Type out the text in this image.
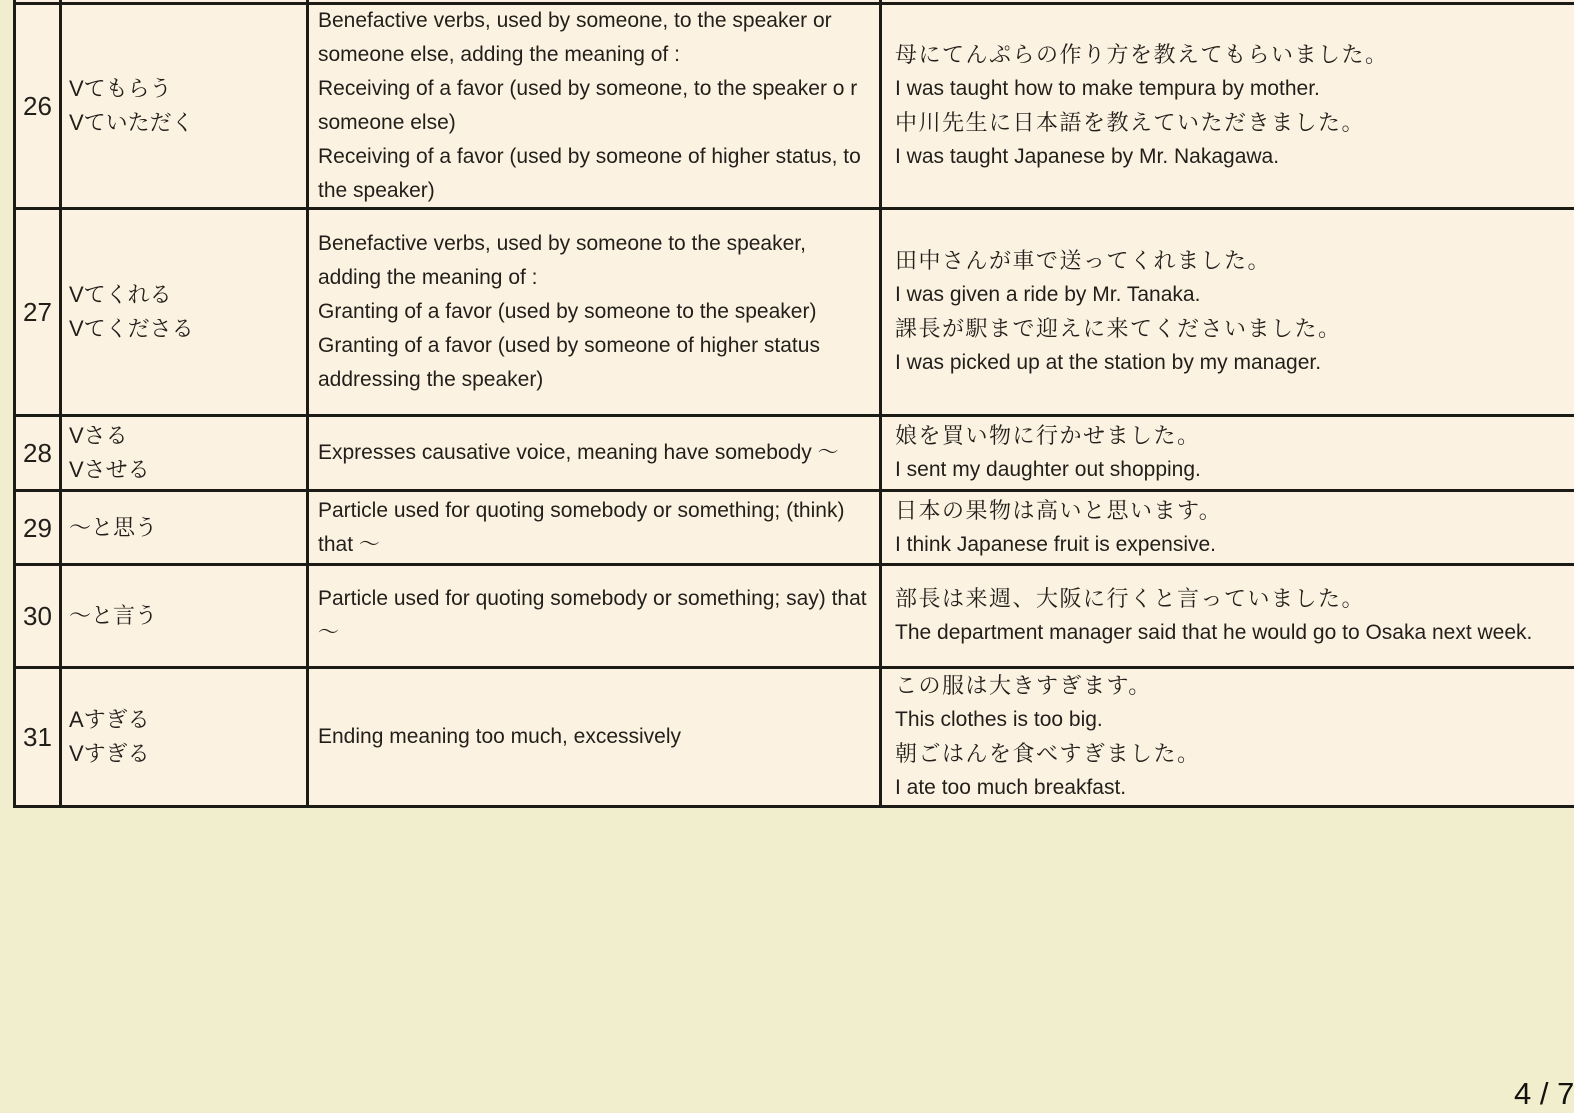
26
Vてもらう
Vていただく
Benefactive verbs, used by someone, to the speaker or someone else, adding the meaning of :
Receiving of a favor (used by someone, to the speaker o r someone else)
Receiving of a favor (used by someone of higher status, to the speaker)
母にてんぷらの作り方を教えてもらいました。
I was taught how to make tempura by mother.
中川先生に日本語を教えていただきました。
I was taught Japanese by Mr. Nakagawa.
27
Vてくれる
Vてくださる
Benefactive verbs, used by someone to the speaker, adding the meaning of :
Granting of a favor (used by someone to the speaker)
Granting of a favor (used by someone of higher status addressing the speaker)
田中さんが車で送ってくれました。
I was given a ride by Mr. Tanaka.
課長が駅まで迎えに来てくださいました。
I was picked up at the station by my manager.
28
Vさる
Vさせる
Expresses causative voice, meaning have somebody ～
娘を買い物に行かせました。
I sent my daughter out shopping.
29 ～と思う
Particle used for quoting somebody or something; (think) that ～
日本の果物は高いと思います。
I think Japanese fruit is expensive.
30 ～と言う
Particle used for quoting somebody or something; say) that ～
部長は来週、大阪に行くと言っていました。
The department manager said that he would go to Osaka next week.
31
Aすぎる
Vすぎる
Ending meaning too much, excessively
この服は大きすぎます。
This clothes is too big.
朝ごはんを食べすぎました。
I ate too much breakfast.
4 / 7
